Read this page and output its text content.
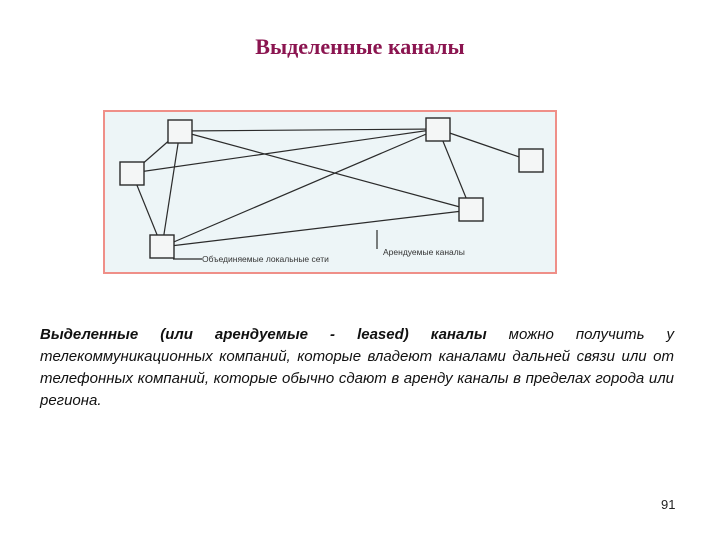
Выделенные каналы
Арендуемые каналы
Объединяемые локальные сети
Выделенные (или арендуемые - leased) каналы можно получить у телекоммуникационных компаний, которые владеют каналами дальней связи или от телефонных компаний, которые обычно сдают в аренду каналы в пределах города или региона.
91
